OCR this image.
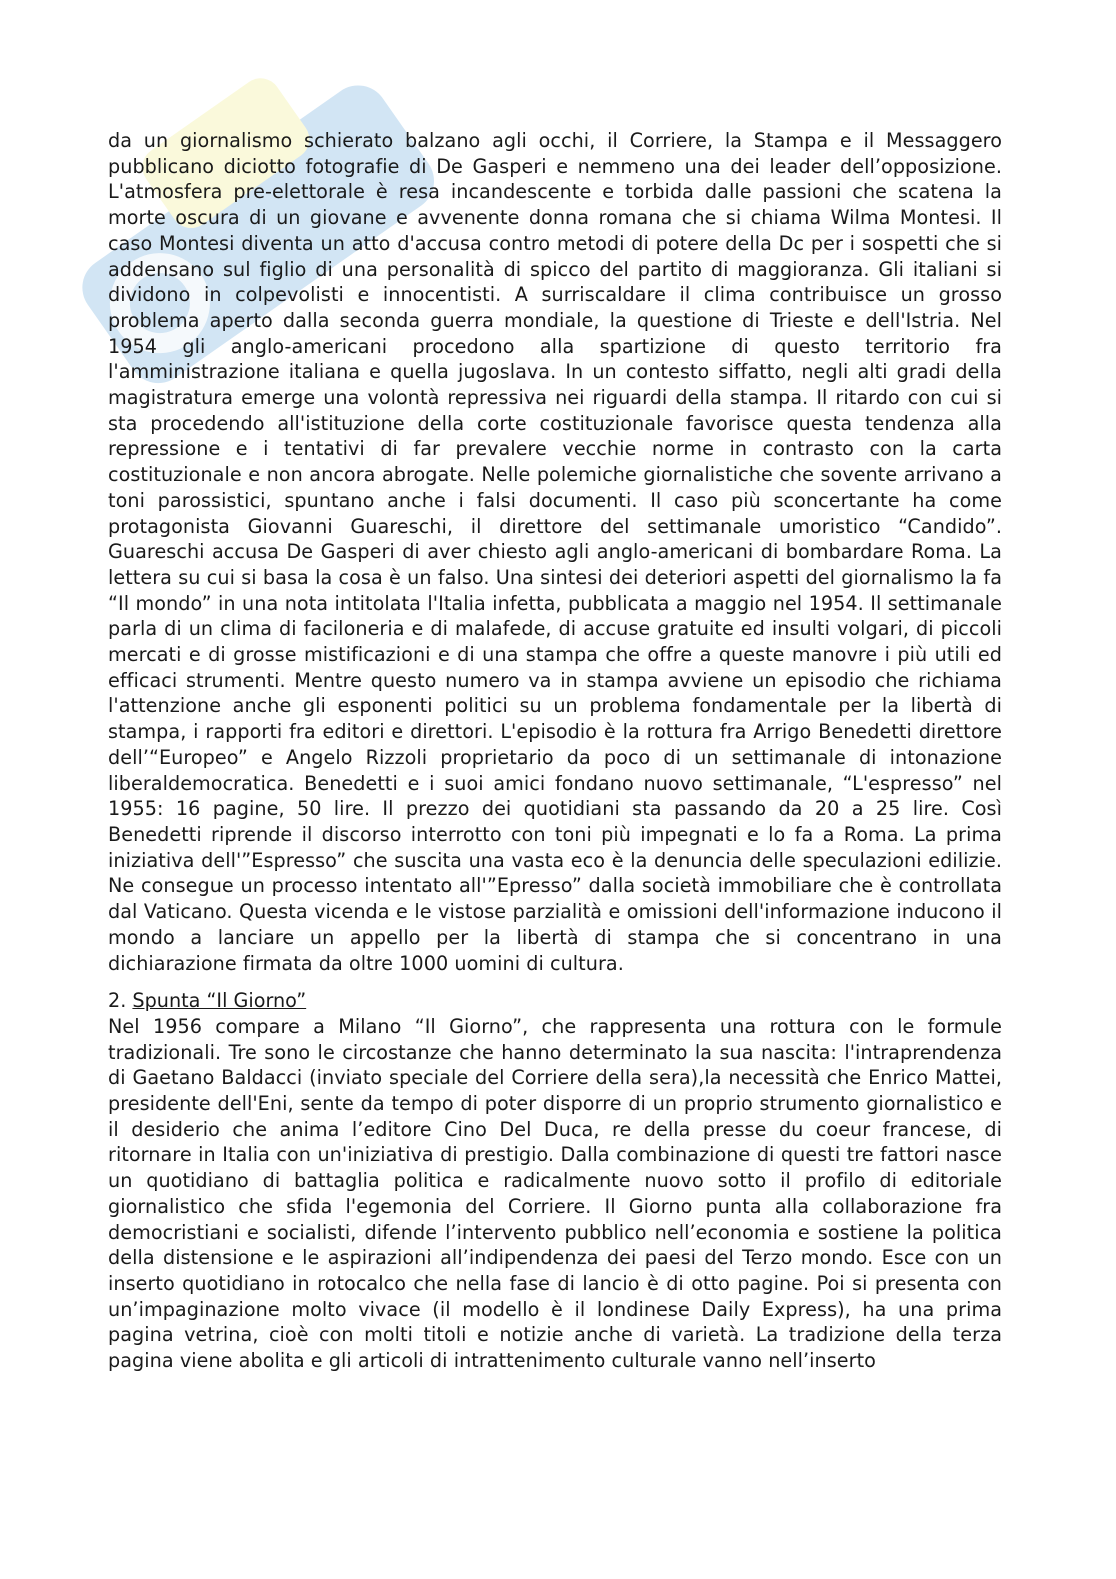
da un giornalismo schierato balzano agli occhi, il Corriere, la Stampa e il Messaggero pubblicano diciotto fotografie di De Gasperi e nemmeno una dei leader dell’opposizione. L'atmosfera pre-elettorale è resa incandescente e torbida dalle passioni che scatena la morte oscura di un giovane e avvenente donna romana che si chiama Wilma Montesi. Il caso Montesi diventa un atto d'accusa contro metodi di potere della Dc per i sospetti che si addensano sul figlio di una personalità di spicco del partito di maggioranza. Gli italiani si dividono in colpevolisti e innocentisti. A surriscaldare il clima contribuisce un grosso problema aperto dalla seconda guerra mondiale, la questione di Trieste e dell'Istria. Nel 1954 gli anglo-americani procedono alla spartizione di questo territorio fra l'amministrazione italiana e quella jugoslava. In un contesto siffatto, negli alti gradi della magistratura emerge una volontà repressiva nei riguardi della stampa. Il ritardo con cui si sta procedendo all'istituzione della corte costituzionale favorisce questa tendenza alla repressione e i tentativi di far prevalere vecchie norme in contrasto con la carta costituzionale e non ancora abrogate. Nelle polemiche giornalistiche che sovente arrivano a toni parossistici, spuntano anche i falsi documenti. Il caso più sconcertante ha come protagonista Giovanni Guareschi, il direttore del settimanale umoristico “Candido”. Guareschi accusa De Gasperi di aver chiesto agli anglo-americani di bombardare Roma. La lettera su cui si basa la cosa è un falso. Una sintesi dei deteriori aspetti del giornalismo la fa “Il mondo” in una nota intitolata l'Italia infetta, pubblicata a maggio nel 1954. Il settimanale parla di un clima di faciloneria e di malafede, di accuse gratuite ed insulti volgari, di piccoli mercati e di grosse mistificazioni e di una stampa che offre a queste manovre i più utili ed efficaci strumenti. Mentre questo numero va in stampa avviene un episodio che richiama l'attenzione anche gli esponenti politici su un problema fondamentale per la libertà di stampa, i rapporti fra editori e direttori. L'episodio è la rottura fra Arrigo Benedetti direttore dell’“Europeo” e Angelo Rizzoli proprietario da poco di un settimanale di intonazione liberaldemocratica. Benedetti e i suoi amici fondano nuovo settimanale, “L'espresso” nel 1955: 16 pagine, 50 lire. Il prezzo dei quotidiani sta passando da 20 a 25 lire. Così Benedetti riprende il discorso interrotto con toni più impegnati e lo fa a Roma. La prima iniziativa dell'”Espresso” che suscita una vasta eco è la denuncia delle speculazioni edilizie. Ne consegue un processo intentato all'”Epresso” dalla società immobiliare che è controllata dal Vaticano. Questa vicenda e le vistose parzialità e omissioni dell'informazione inducono il mondo a lanciare un appello per la libertà di stampa che si concentrano in una dichiarazione firmata da oltre 1000 uomini di cultura.

2. Spunta “Il Giorno”

Nel 1956 compare a Milano “Il Giorno”, che rappresenta una rottura con le formule tradizionali. Tre sono le circostanze che hanno determinato la sua nascita: l'intraprendenza di Gaetano Baldacci (inviato speciale del Corriere della sera),la necessità che Enrico Mattei, presidente dell'Eni, sente da tempo di poter disporre di un proprio strumento giornalistico e il desiderio che anima l’editore Cino Del Duca, re della presse du coeur francese, di ritornare in Italia con un'iniziativa di prestigio. Dalla combinazione di questi tre fattori nasce un quotidiano di battaglia politica e radicalmente nuovo sotto il profilo di editoriale giornalistico che sfida l'egemonia del Corriere. Il Giorno punta alla collaborazione fra democristiani e socialisti, difende l’intervento pubblico nell’economia e sostiene la politica della distensione e le aspirazioni all’indipendenza dei paesi del Terzo mondo. Esce con un inserto quotidiano in rotocalco che nella fase di lancio è di otto pagine. Poi si presenta con un’impaginazione molto vivace (il modello è il londinese Daily Express), ha una prima pagina vetrina, cioè con molti titoli e notizie anche di varietà. La tradizione della terza pagina viene abolita e gli articoli di intrattenimento culturale vanno nell’inserto
